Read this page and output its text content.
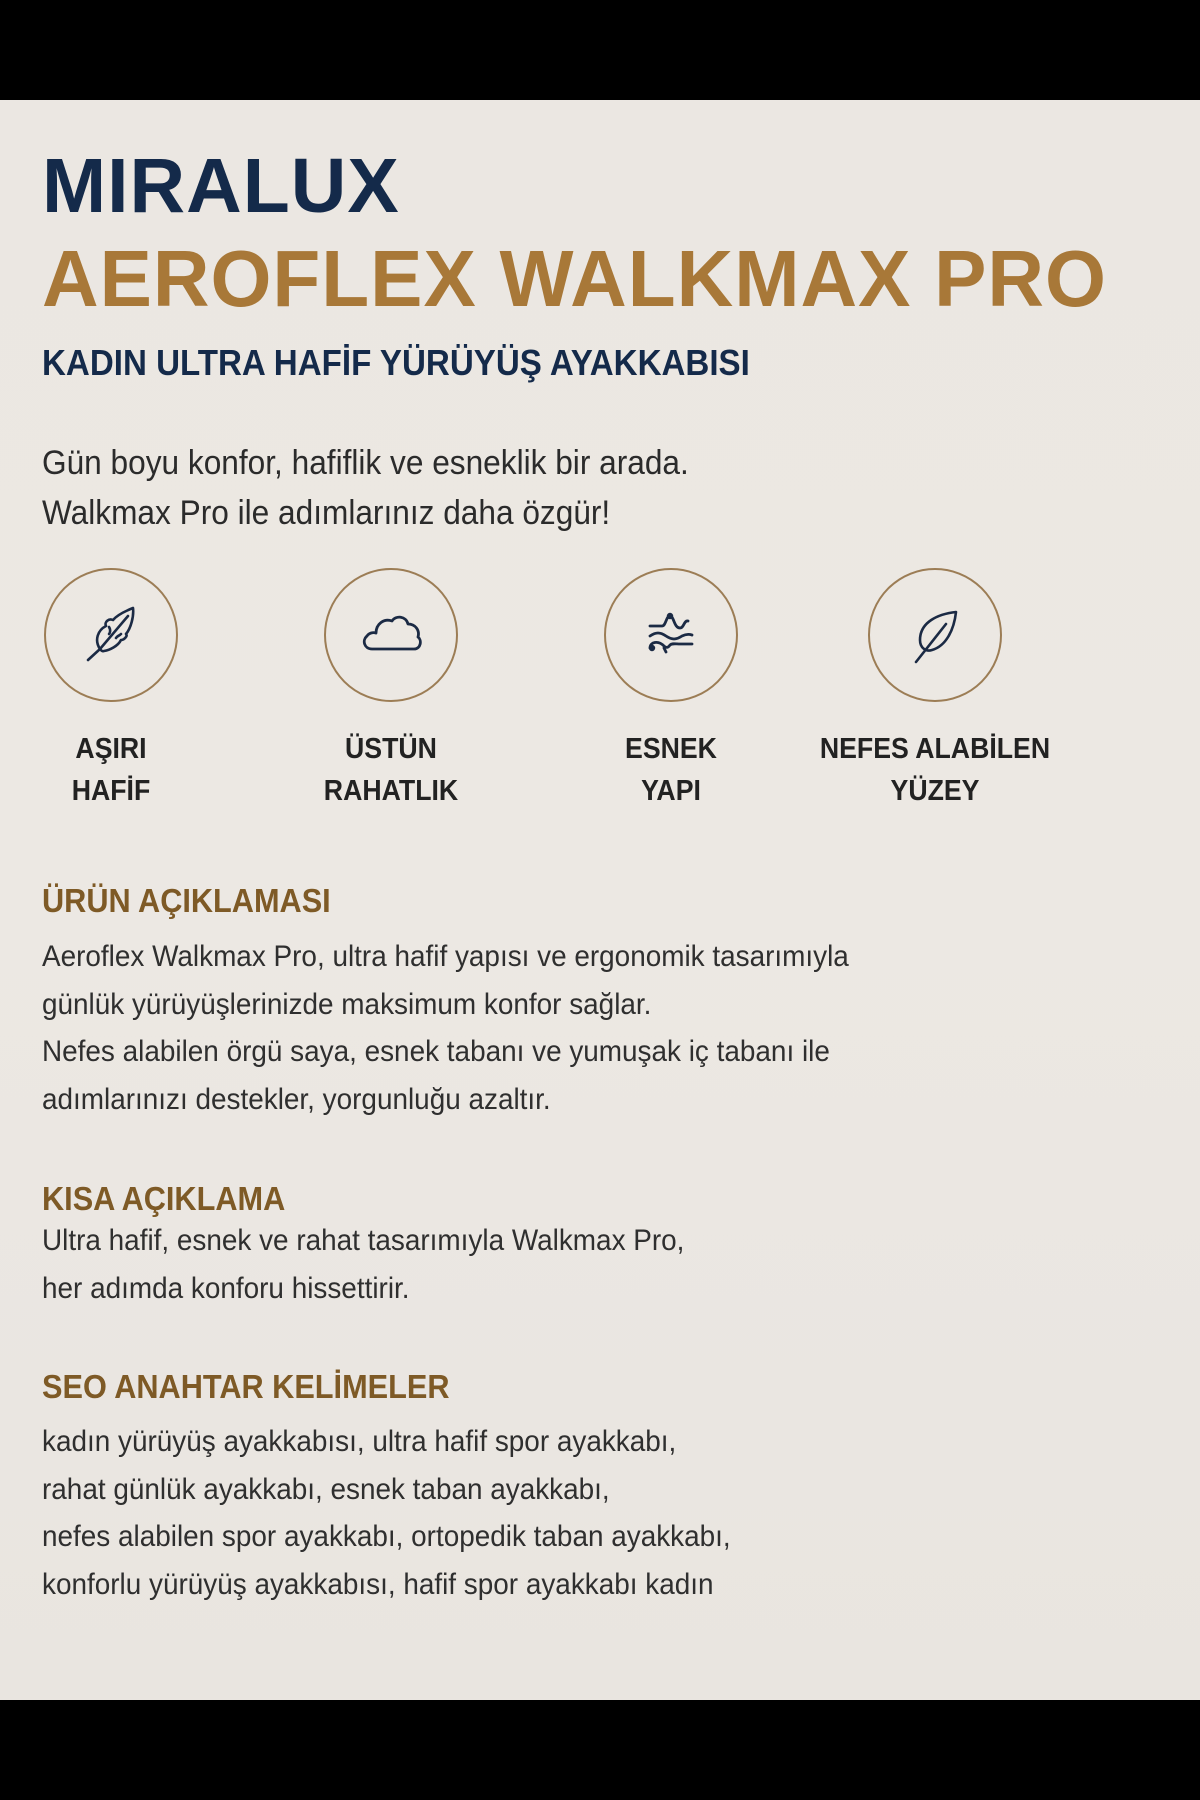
MIRALUX
AEROFLEX WALKMAX PRO
KADIN ULTRA HAFİF YÜRÜYÜŞ AYAKKABISI
Gün boyu konfor, hafiflik ve esneklik bir arada.
Walkmax Pro ile adımlarınız daha özgür!
AŞIRI
HAFİF
ÜSTÜN
RAHATLIK
ESNEK
YAPI
NEFES ALABİLEN
YÜZEY
ÜRÜN AÇIKLAMASI
Aeroflex Walkmax Pro, ultra hafif yapısı ve ergonomik tasarımıyla
günlük yürüyüşlerinizde maksimum konfor sağlar.
Nefes alabilen örgü saya, esnek tabanı ve yumuşak iç tabanı ile
adımlarınızı destekler, yorgunluğu azaltır.
KISA AÇIKLAMA
Ultra hafif, esnek ve rahat tasarımıyla Walkmax Pro,
her adımda konforu hissettirir.
SEO ANAHTAR KELİMELER
kadın yürüyüş ayakkabısı, ultra hafif spor ayakkabı,
rahat günlük ayakkabı, esnek taban ayakkabı,
nefes alabilen spor ayakkabı, ortopedik taban ayakkabı,
konforlu yürüyüş ayakkabısı, hafif spor ayakkabı kadın
